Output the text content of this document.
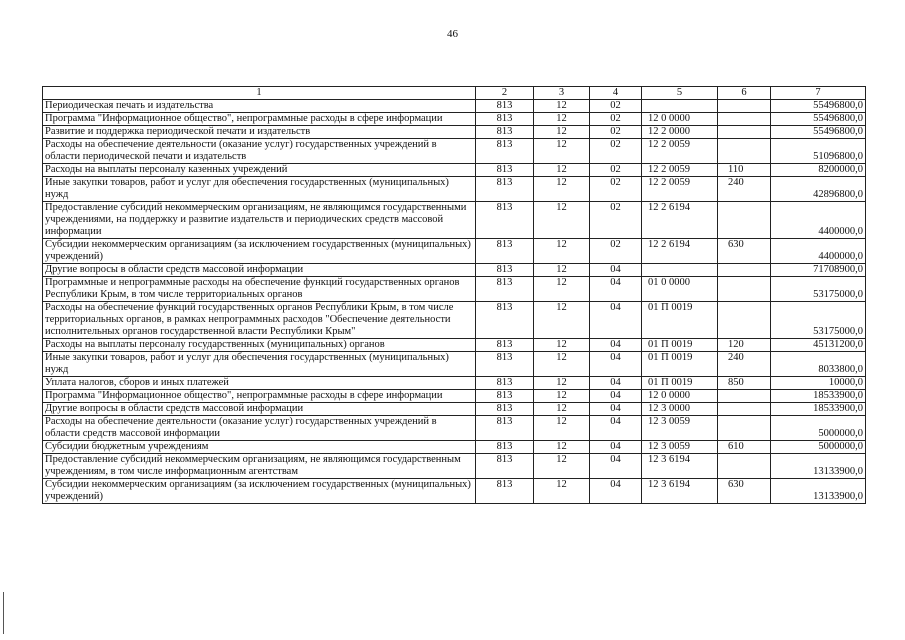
46
1	2	3	4	5	6	7
Периодическая печать и издательства	813	12	02			55496800,0
Программа "Информационное общество", непрограммные расходы в сфере информации	813	12	02	12 0 0000		55496800,0
Развитие и поддержка периодической печати и издательств	813	12	02	12 2 0000		55496800,0
Расходы на обеспечение деятельности (оказание услуг) государственных учреждений в области периодической печати и издательств	813	12	02	12 2 0059		51096800,0
Расходы на выплаты персоналу казенных учреждений	813	12	02	12 2 0059	110	8200000,0
Иные закупки товаров, работ и услуг для обеспечения государственных (муниципальных) нужд	813	12	02	12 2 0059	240	42896800,0
Предоставление субсидий некоммерческим организациям, не являющимся государственными учреждениями, на поддержку и развитие издательств и периодических средств массовой информации	813	12	02	12 2 6194		4400000,0
Субсидии некоммерческим организациям (за исключением государственных (муниципальных) учреждений)	813	12	02	12 2 6194	630	4400000,0
Другие вопросы в области средств массовой информации	813	12	04			71708900,0
Программные и непрограммные расходы на обеспечение функций государственных органов Республики Крым, в том числе территориальных органов	813	12	04	01 0 0000		53175000,0
Расходы на обеспечение функций государственных органов Республики Крым, в том числе территориальных органов, в рамках непрограммных расходов "Обеспечение деятельности исполнительных органов государственной власти Республики Крым"	813	12	04	01 П 0019		53175000,0
Расходы на выплаты персоналу государственных (муниципальных) органов	813	12	04	01 П 0019	120	45131200,0
Иные закупки товаров, работ и услуг для обеспечения государственных (муниципальных) нужд	813	12	04	01 П 0019	240	8033800,0
Уплата налогов, сборов и иных платежей	813	12	04	01 П 0019	850	10000,0
Программа "Информационное общество", непрограммные расходы в сфере информации	813	12	04	12 0 0000		18533900,0
Другие вопросы в области средств массовой информации	813	12	04	12 3 0000		18533900,0
Расходы на обеспечение деятельности (оказание услуг) государственных учреждений в области средств массовой информации	813	12	04	12 3 0059		5000000,0
Субсидии бюджетным учреждениям	813	12	04	12 3 0059	610	5000000,0
Предоставление субсидий некоммерческим организациям, не являющимся государственным учреждениям, в том числе информационным агентствам	813	12	04	12 3 6194		13133900,0
Субсидии некоммерческим организациям (за исключением государственных (муниципальных) учреждений)	813	12	04	12 3 6194	630	13133900,0
